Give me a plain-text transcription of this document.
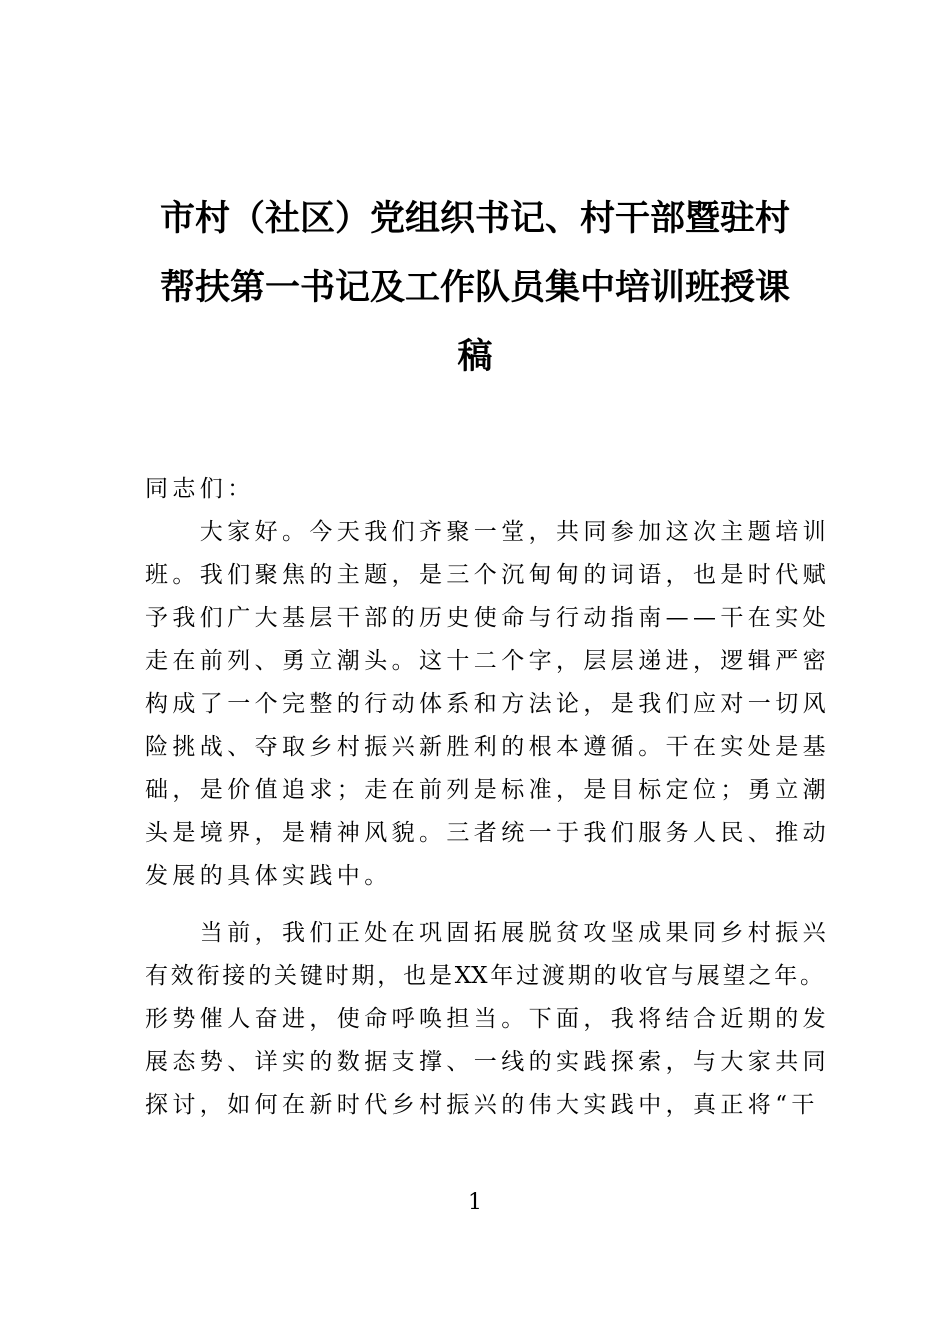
市村（社区）党组织书记、村干部暨驻村
帮扶第一书记及工作队员集中培训班授课
稿
同志们：
　　大家好。今天我们齐聚一堂，共同参加这次主题培训
班。我们聚焦的主题，是三个沉甸甸的词语，也是时代赋
予我们广大基层干部的历史使命与行动指南——干在实处
走在前列、勇立潮头。这十二个字，层层递进，逻辑严密
构成了一个完整的行动体系和方法论，是我们应对一切风
险挑战、夺取乡村振兴新胜利的根本遵循。干在实处是基
础，是价值追求；走在前列是标准，是目标定位；勇立潮
头是境界，是精神风貌。三者统一于我们服务人民、推动
发展的具体实践中。
　　当前，我们正处在巩固拓展脱贫攻坚成果同乡村振兴
有效衔接的关键时期，也是XX年过渡期的收官与展望之年。
形势催人奋进，使命呼唤担当。下面，我将结合近期的发
展态势、详实的数据支撑、一线的实践探索，与大家共同
探讨，如何在新时代乡村振兴的伟大实践中，真正将“干
1
